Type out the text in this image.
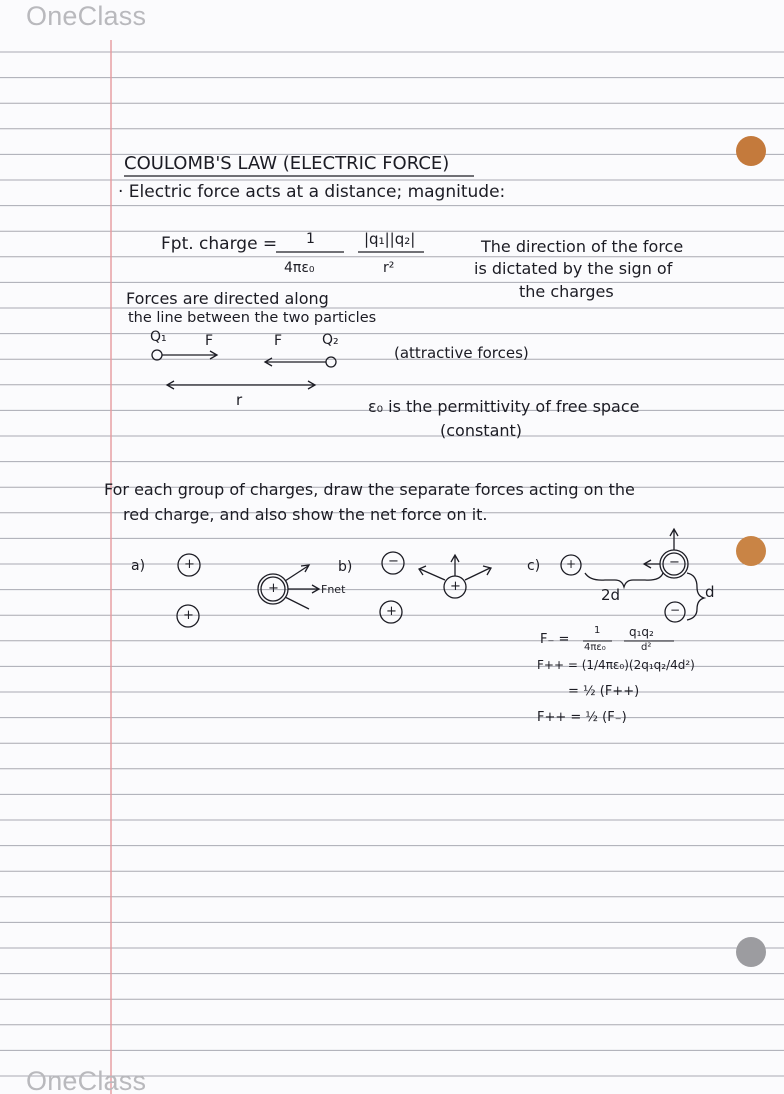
OneClass
OneClass
COULOMB'S LAW (ELECTRIC FORCE)
· Electric force acts at a distance; magnitude:
Fpt. charge = 1
4πε₀
|q₁||q₂|
r²
The direction of the force
is dictated by the sign of
the charges
Forces are directed along
the line between the two particles
Q₁	F	F	Q₂
(attractive forces)
r	ε₀ is the permittivity of free space
(constant)
For each group of charges, draw the separate forces acting on the
red charge, and also show the net force on it.
a)	b)	c)
+
+
+	Fnet
−
+
+
+	−
−
2d	d
F₋ =
1
4πε₀
q₁q₂
d²
F++ = (1/4πε₀)(2q₁q₂/4d²)
= ½ (F++)
F++ = ½ (F₋)
